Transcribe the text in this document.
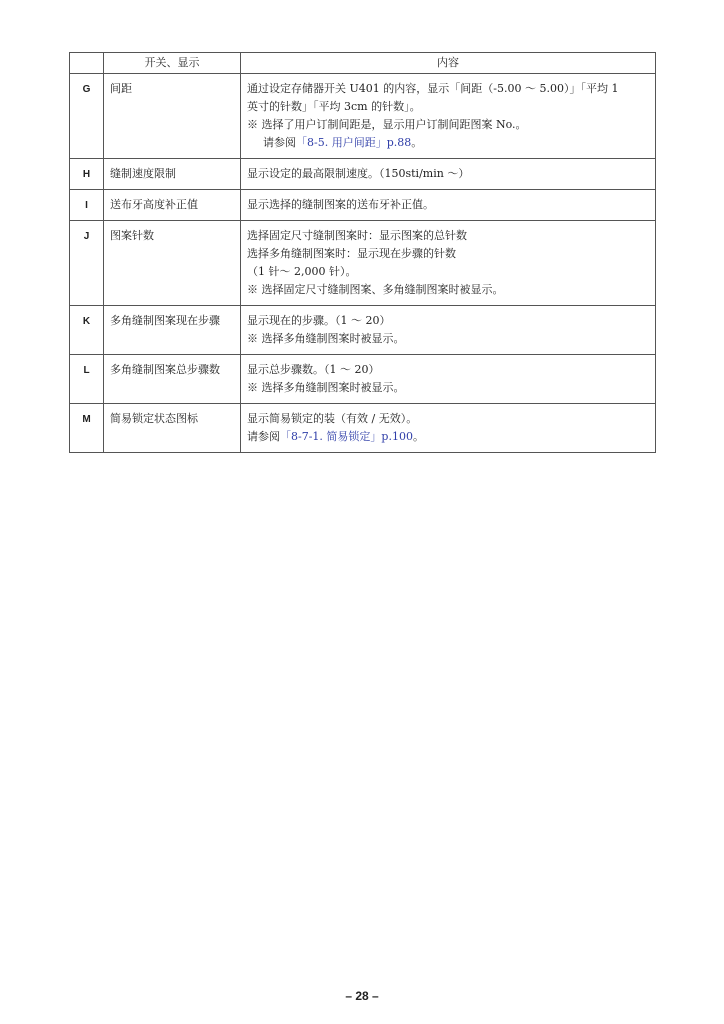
	开关、显示	内容
G	间距	通过设定存储器开关 U401 的内容，显示「间距（-5.00 ～ 5.00）」「平均 1
英寸的针数」「平均 3cm 的针数」。
※ 选择了用户订制间距是，显示用户订制间距图案 No.。
请参阅「8-5. 用户间距」p.88。

H	缝制速度限制	显示设定的最高限制速度。（150sti/min ～）

I	送布牙高度补正值	显示选择的缝制图案的送布牙补正值。

J	图案针数	选择固定尺寸缝制图案时：显示图案的总针数
选择多角缝制图案时：显示现在步骤的针数
（1 针～ 2,000 针）。
※ 选择固定尺寸缝制图案、多角缝制图案时被显示。

K	多角缝制图案现在步骤	显示现在的步骤。（1 ～ 20）
※ 选择多角缝制图案时被显示。

L	多角缝制图案总步骤数	显示总步骤数。（1 ～ 20）
※ 选择多角缝制图案时被显示。

M	简易锁定状态图标	显示简易锁定的装（有效 / 无效）。
请参阅「8-7-1. 简易锁定」p.100。
– 28 –
